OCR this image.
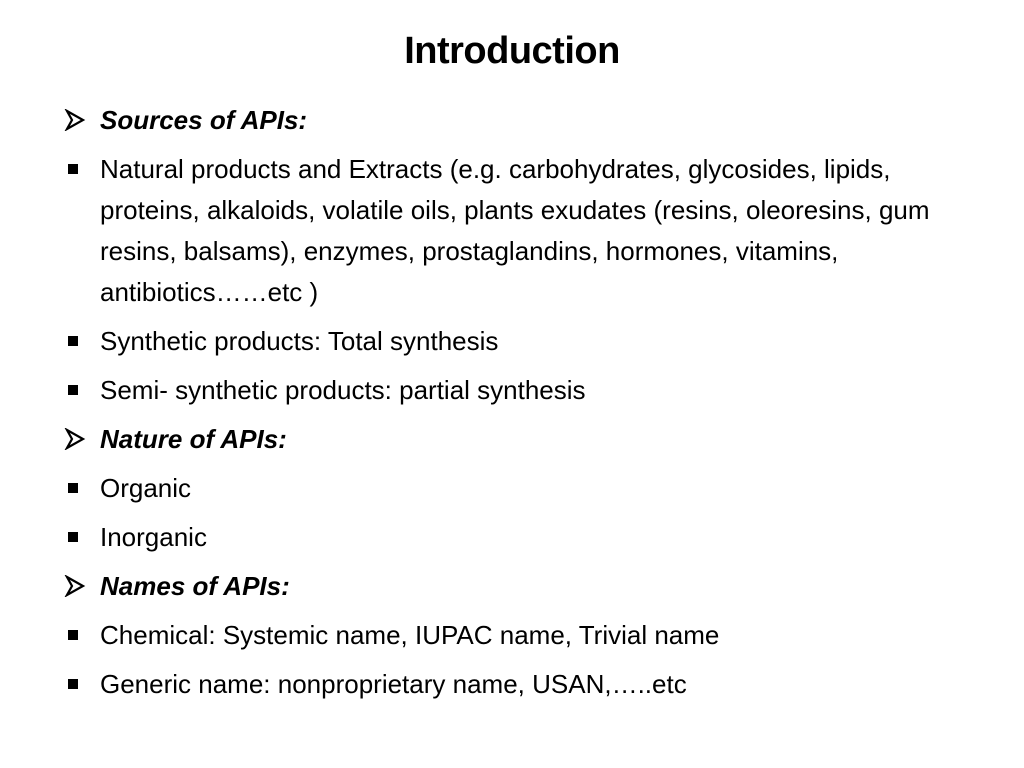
Introduction
Sources of APIs:
Natural products and Extracts (e.g. carbohydrates, glycosides, lipids, proteins, alkaloids, volatile oils, plants exudates (resins, oleoresins, gum resins, balsams), enzymes, prostaglandins, hormones, vitamins, antibiotics……etc )
Synthetic products: Total synthesis
Semi- synthetic products: partial synthesis
Nature of APIs:
Organic
Inorganic
Names of APIs:
Chemical: Systemic name, IUPAC name, Trivial name
Generic name: nonproprietary name, USAN,…..etc
